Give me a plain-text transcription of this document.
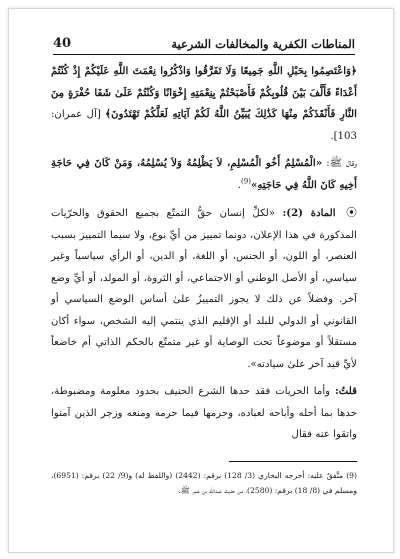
المناطات الكفرية والمخالفات الشرعية
40

﴿وَاعْتَصِمُوا بِحَبْلِ اللَّهِ جَمِيعًا وَلَا تَفَرَّقُوا وَاذْكُرُوا نِعْمَتَ اللَّهِ عَلَيْكُمْ إِذْ كُنْتُمْ أَعْدَاءً فَأَلَّفَ بَيْنَ قُلُوبِكُمْ فَأَصْبَحْتُمْ بِنِعْمَتِهِ إِخْوَانًا وَكُنْتُمْ عَلَىٰ شَفَا حُفْرَةٍ مِنَ النَّارِ فَأَنْقَذَكُمْ مِنْهَا كَذَٰلِكَ يُبَيِّنُ اللَّهُ لَكُمْ آيَاتِهِ لَعَلَّكُمْ تَهْتَدُونَ﴾ [آل عمران: 103].

وقال ﷺ: «الْمُسْلِمُ أَخُو الْمُسْلِمِ، لاَ يَظْلِمُهُ وَلاَ يُسْلِمُهُ، وَمَنْ كَانَ فِي حَاجَةِ أَخِيهِ كَانَ اللَّهُ فِي حَاجَتِهِ»$^{(9)}$.

⦿ المادة (2): «لكلِّ إنسان حقُّ التمتّع بجميع الحقوق والحرّيات المذكورة في هذا الإعلان، دونما تمييز من أيِّ نوع، ولا سيما التمييز بسبب العنصر، أو اللون، أو الجنس، أو اللغة، أو الدين، أو الرأي سياسياً وغير سياسي، أو الأصل الوطني أو الاجتماعي، أو الثروة، أو المولد، أو أيِّ وضع آخر. وفضلاً عن ذلك لا يجوز التمييزُ علىٰ أساس الوضع السياسي أو القانوني أو الدولي للبلد أو الإقليم الذي ينتمي إليه الشخص، سواء أكان مستقلاً أو موضوعاً تحت الوصاية أو غير متمتّع بالحكم الذاتي أم خاضعاً لأيِّ قيد آخر علىٰ سيادته».

قلتُ: وأما الحريات فقد حدها الشرع الحنيف بحدود معلومة ومضبوطة، حدها بما أحله وأباحه لعباده، وحرمها فيما حرمه ومنعه وزجر الذين آمنوا واتقوا عنه فقال

(9) متَّفقٌ عليه: أخرجه البخاري (3/ 128) برقم: (2442) (واللفظ له) و(9/ 22) برقم: (6951)، ومسلم في (8/ 18) برقم: (2580)، من حديث عبدالله بن عمر ﷺ.
